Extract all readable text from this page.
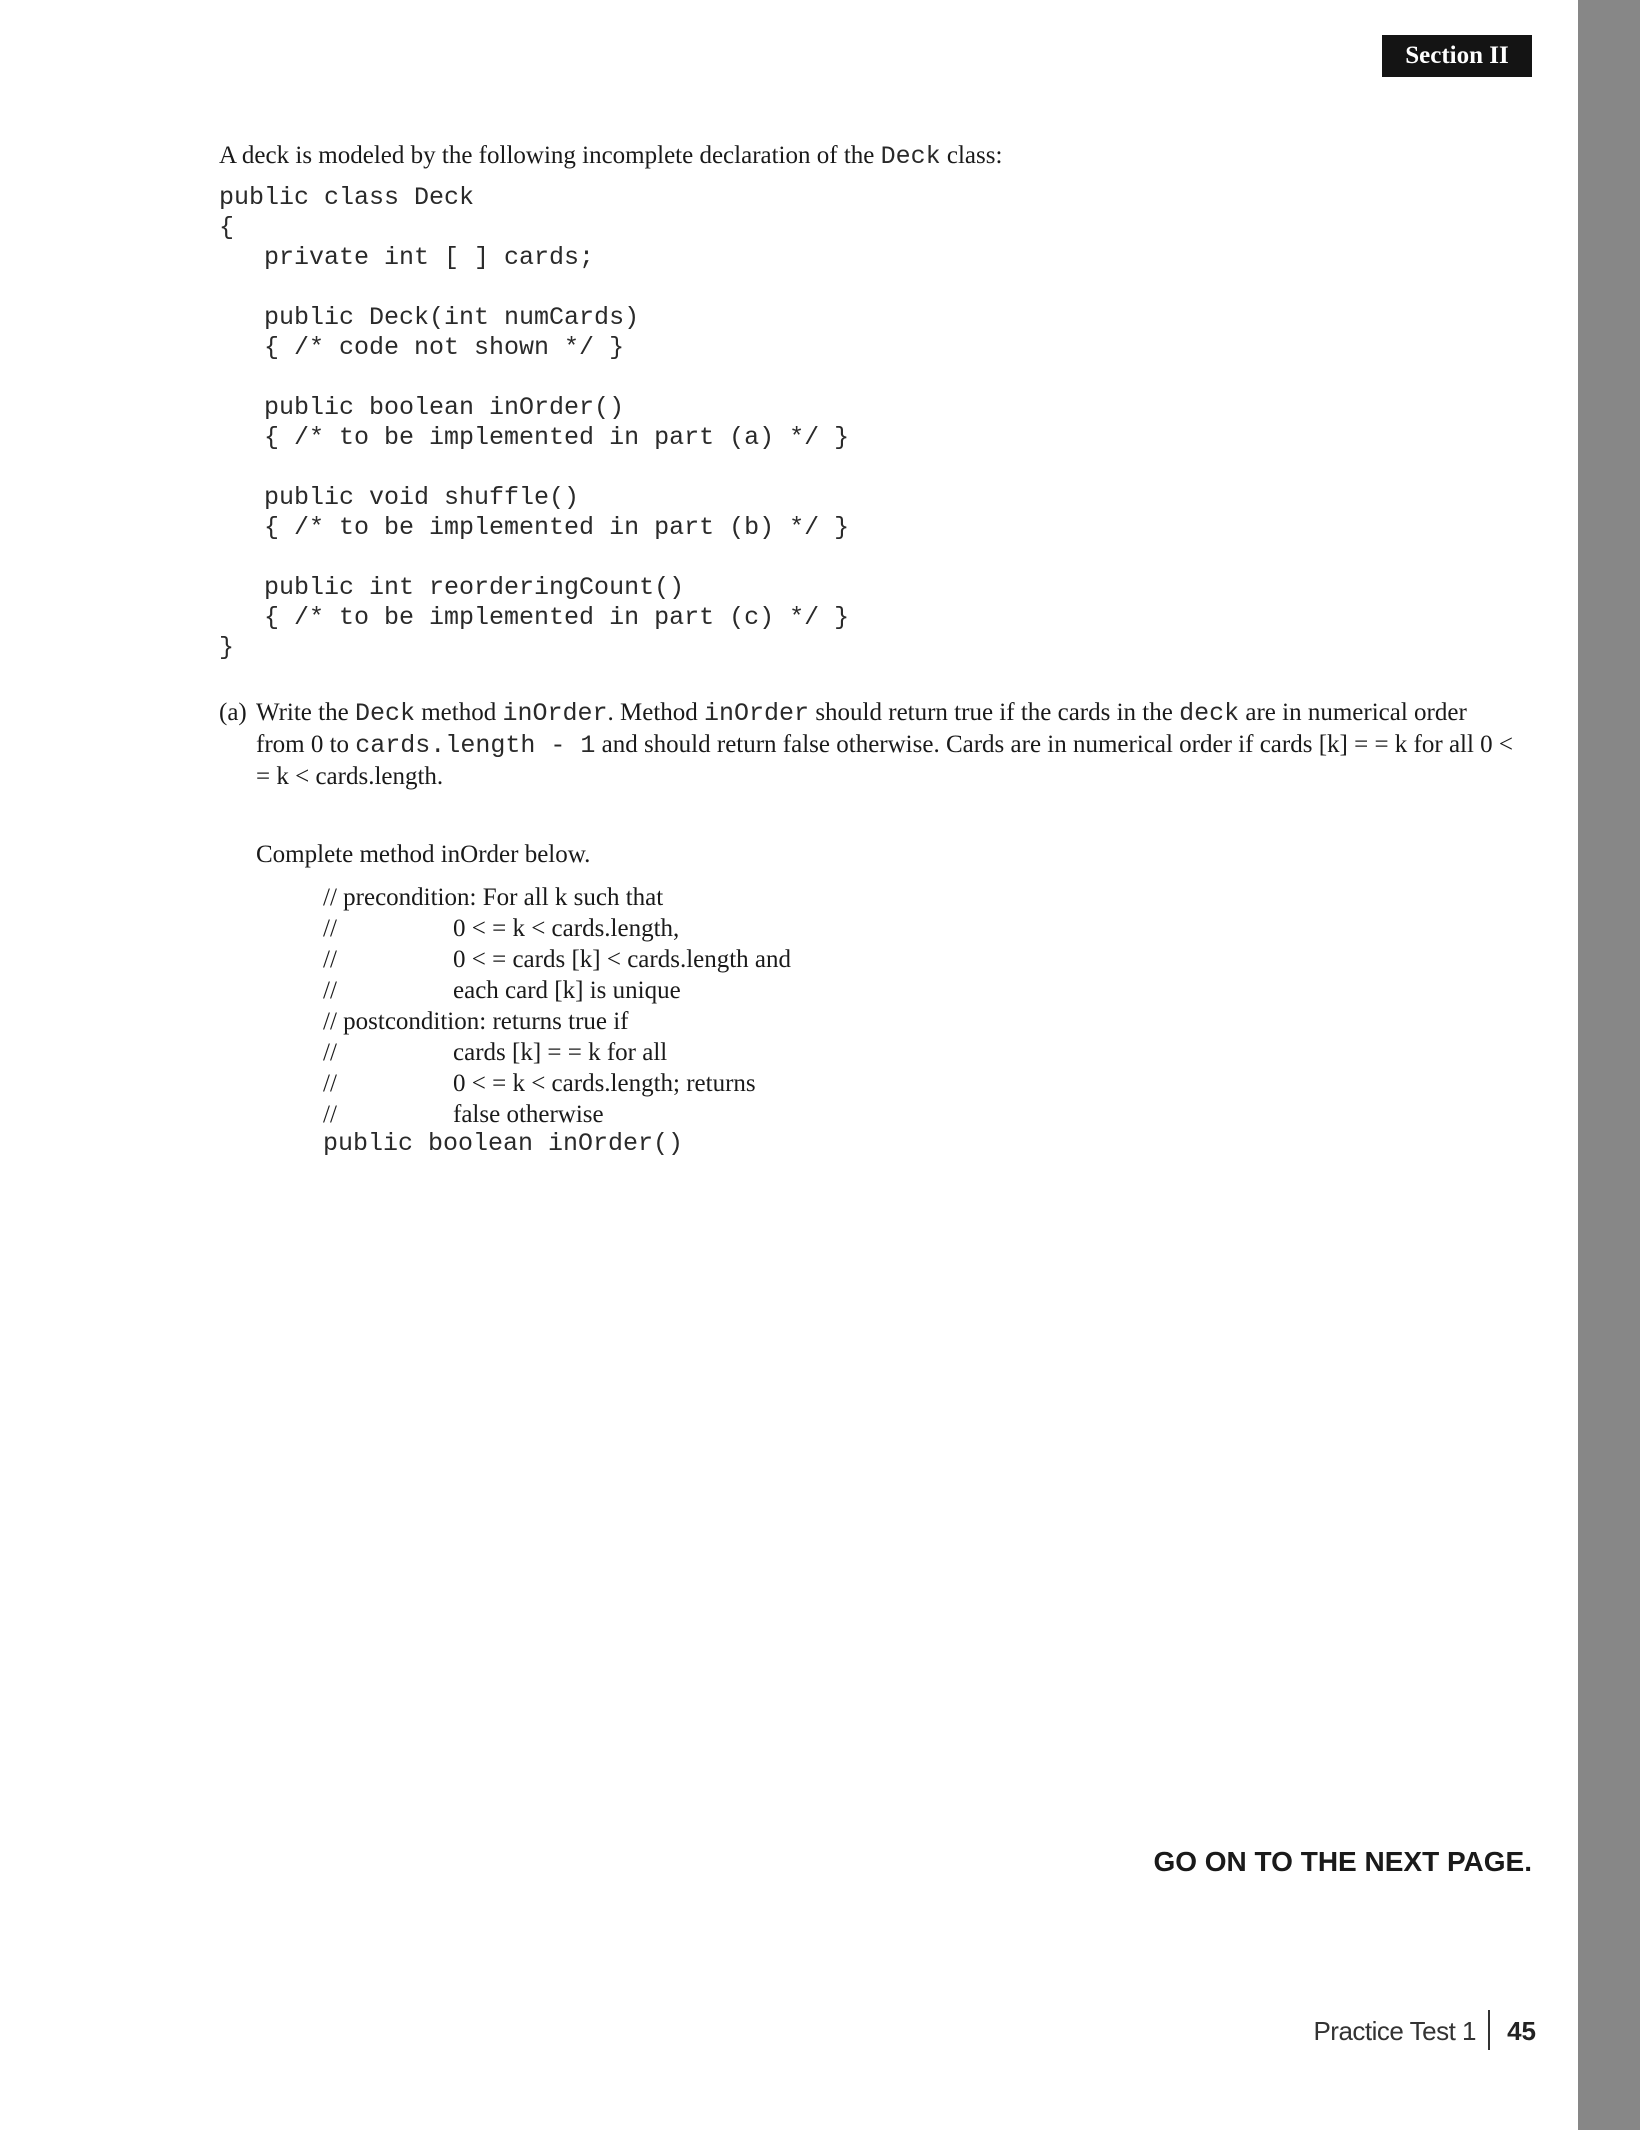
Section II

A deck is modeled by the following incomplete declaration of the Deck class:

public class Deck
{
private int [ ] cards;
public Deck(int numCards)
{ /* code not shown */ }
public boolean inOrder()
{ /* to be implemented in part (a) */ }
public void shuffle()
{ /* to be implemented in part (b) */ }
public int reorderingCount()
{ /* to be implemented in part (c) */ }
}
(a) Write the Deck method inOrder. Method inOrder should return true if the cards in the deck are in numerical order from 0 to cards.length - 1 and should return false otherwise. Cards are in numerical order if cards [k] = = k for all 0 < = k < cards.length.

Complete method inOrder below.

// precondition: For all k such that
//	0 < = k < cards.length,
//	0 < = cards [k] < cards.length and
//	each card [k] is unique
// postcondition: returns true if
//	cards [k] = = k for all
//	0 < = k < cards.length; returns
//	false otherwise
public boolean inOrder()
GO ON TO THE NEXT PAGE.
Practice Test 1 45
